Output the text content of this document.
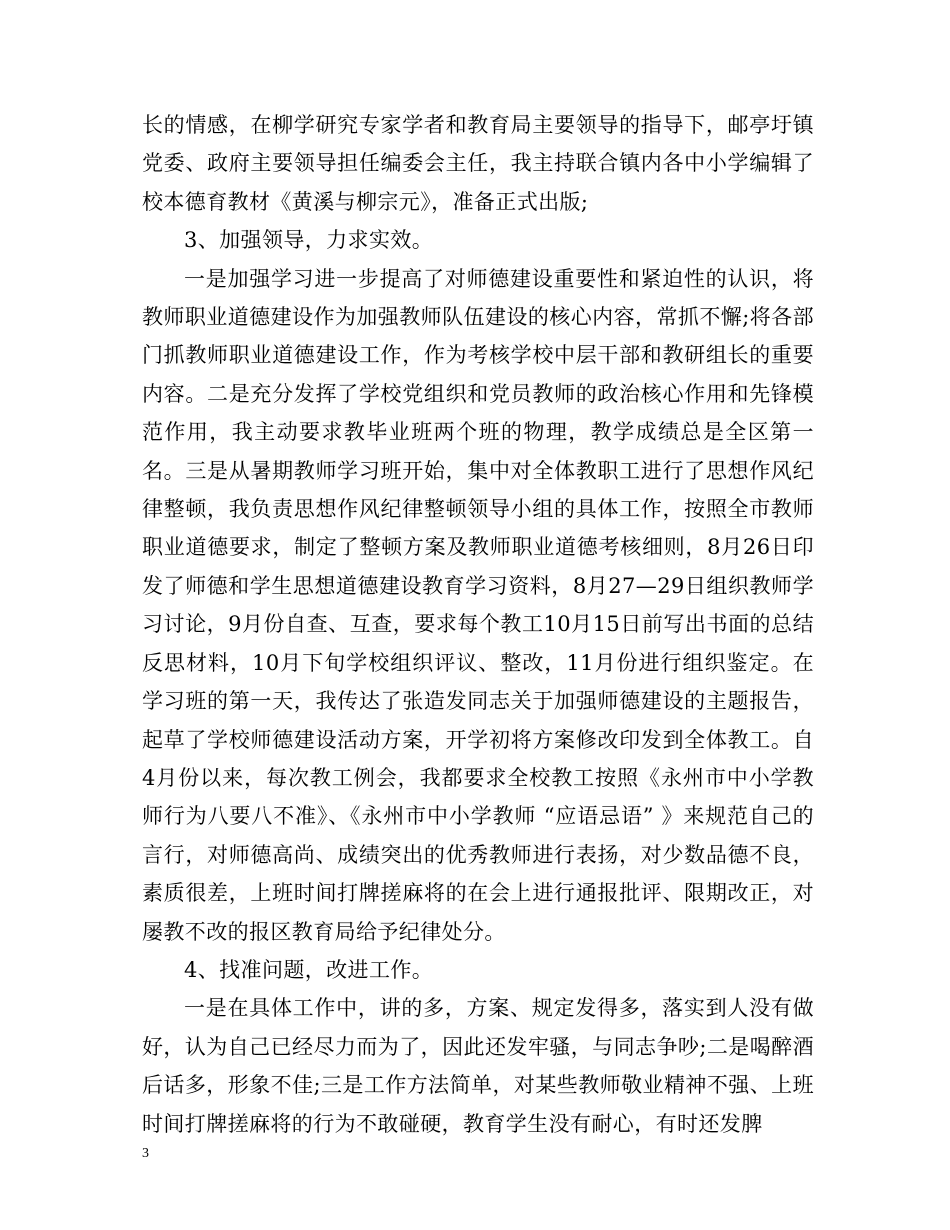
长的情感，在柳学研究专家学者和教育局主要领导的指导下，邮亭圩镇党委、政府主要领导担任编委会主任，我主持联合镇内各中小学编辑了校本德育教材《黄溪与柳宗元》，准备正式出版;

3、加强领导，力求实效。

一是加强学习进一步提高了对师德建设重要性和紧迫性的认识，将教师职业道德建设作为加强教师队伍建设的核心内容，常抓不懈;将各部门抓教师职业道德建设工作，作为考核学校中层干部和教研组长的重要内容。二是充分发挥了学校党组织和党员教师的政治核心作用和先锋模范作用，我主动要求教毕业班两个班的物理，教学成绩总是全区第一名。三是从暑期教师学习班开始，集中对全体教职工进行了思想作风纪律整顿，我负责思想作风纪律整顿领导小组的具体工作，按照全市教师职业道德要求，制定了整顿方案及教师职业道德考核细则，8月26日印发了师德和学生思想道德建设教育学习资料，8月27—29日组织教师学习讨论，9月份自查、互查，要求每个教工10月15日前写出书面的总结反思材料，10月下旬学校组织评议、整改，11月份进行组织鉴定。在学习班的第一天，我传达了张造发同志关于加强师德建设的主题报告，起草了学校师德建设活动方案，开学初将方案修改印发到全体教工。自4月份以来，每次教工例会，我都要求全校教工按照《永州市中小学教师行为八要八不准》、《永州市中小学教师 “应语忌语” 》来规范自己的言行，对师德高尚、成绩突出的优秀教师进行表扬，对少数品德不良，素质很差，上班时间打牌搓麻将的在会上进行通报批评、限期改正，对屡教不改的报区教育局给予纪律处分。

4、找准问题，改进工作。

一是在具体工作中，讲的多，方案、规定发得多，落实到人没有做好，认为自己已经尽力而为了，因此还发牢骚，与同志争吵;二是喝醉酒后话多，形象不佳;三是工作方法简单，对某些教师敬业精神不强、上班时间打牌搓麻将的行为不敢碰硬，教育学生没有耐心，有时还发脾

3
